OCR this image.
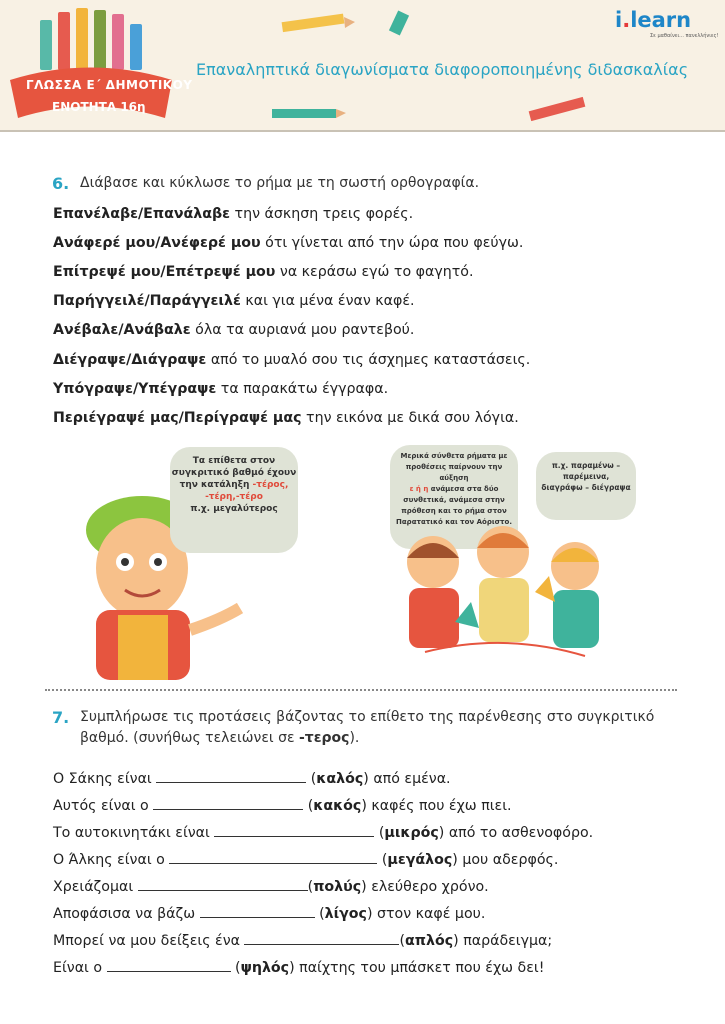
ΓΛΩΣΣΑ Ε΄ ΔΗΜΟΤΙΚΟΥ
ΕΝΟΤΗΤΑ 16η
Επαναληπτικά διαγωνίσματα διαφοροποιημένης διδασκαλίας
i.learn
Σε μαθαίνει... πανελλήνιες!
6. Διάβασε και κύκλωσε το ρήμα με τη σωστή ορθογραφία.
Επανέλαβε/Επανάλαβε την άσκηση τρεις φορές.
Ανάφερέ μου/Ανέφερέ μου ότι γίνεται από την ώρα που φεύγω.
Επίτρεψέ μου/Επέτρεψέ μου να κεράσω εγώ το φαγητό.
Παρήγγειλέ/Παράγγειλέ και για μένα έναν καφέ.
Ανέβαλε/Ανάβαλε όλα τα αυριανά μου ραντεβού.
Διέγραψε/Διάγραψε από το μυαλό σου τις άσχημες καταστάσεις.
Υπόγραψε/Υπέγραψε τα παρακάτω έγγραφα.
Περιέγραψέ μας/Περίγραψέ μας την εικόνα με δικά σου λόγια.
Τα επίθετα στον
συγκριτικό βαθμό έχουν
την κατάληξη -τέρος,
-τέρη,-τέρο
π.χ. μεγαλύτερος
Μερικά σύνθετα ρήματα με
προθέσεις παίρνουν την αύξηση
ε ή η ανάμεσα στα δύο
συνθετικά, ανάμεσα στην
πρόθεση και το ρήμα στον
Παρατατικό και τον Αόριστο.
π.χ. παραμένω –
παρέμεινα,
διαγράφω – διέγραψα
7. Συμπλήρωσε τις προτάσεις βάζοντας το επίθετο της παρένθεσης στο συγκριτικό
βαθμό. (συνήθως τελειώνει σε -τερος).
Ο Σάκης είναι	(καλός) από εμένα.
Αυτός είναι ο	(κακός) καφές που έχω πιει.
Το αυτοκινητάκι είναι	(μικρός) από το ασθενοφόρο.
Ο Άλκης είναι ο	(μεγάλος) μου αδερφός.
Χρειάζομαι	(πολύς) ελεύθερο χρόνο.
Αποφάσισα να βάζω	(λίγος) στον καφέ μου.
Μπορεί να μου δείξεις ένα	(απλός) παράδειγμα;
Είναι ο	(ψηλός) παίχτης του μπάσκετ που έχω δει!
